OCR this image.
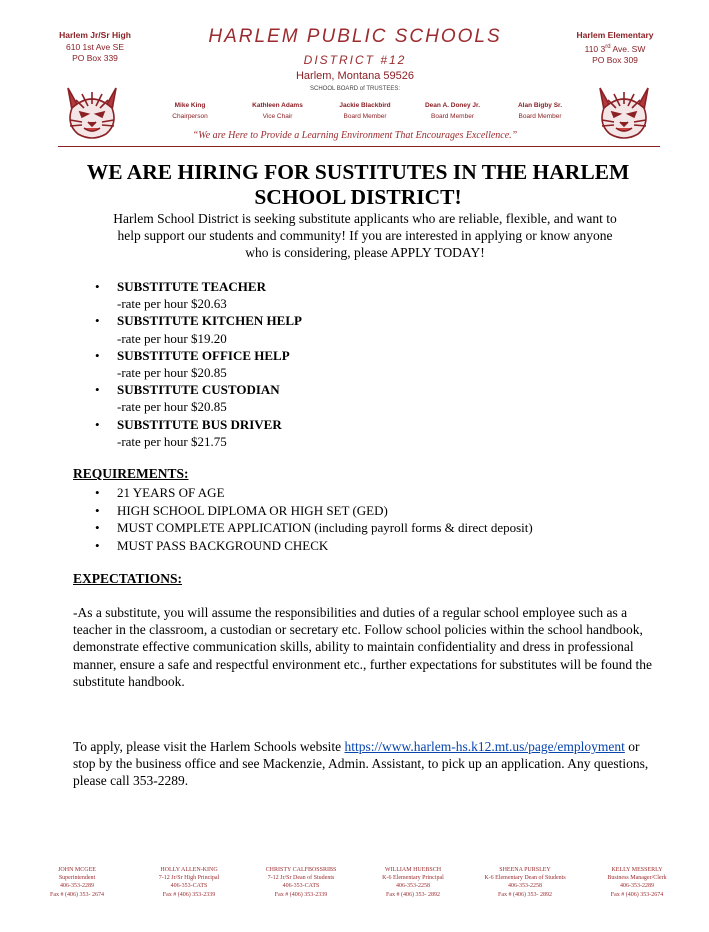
Harlem Jr/Sr High
610 1st Ave SE
PO Box 339
Harlem Elementary
110 3rd Ave. SW
PO Box 309
HARLEM PUBLIC SCHOOLS
DISTRICT #12
Harlem, Montana 59526
SCHOOL BOARD of TRUSTEES:
Mike King
Chairperson
Kathleen Adams
Vice Chair
Jackie Blackbird
Board Member
Dean A. Doney Jr.
Board Member
Alan Bigby Sr.
Board Member
“We are Here to Provide a Learning Environment That Encourages Excellence.”
WE ARE HIRING FOR SUSTITUTES IN THE HARLEM
SCHOOL DISTRICT!
Harlem School District is seeking substitute applicants who are reliable, flexible, and want to help support our students and community! If you are interested in applying or know anyone who is considering, please APPLY TODAY!
• SUBSTITUTE TEACHER
-rate per hour $20.63
• SUBSTITUTE KITCHEN HELP
-rate per hour $19.20
• SUBSTITUTE OFFICE HELP
-rate per hour $20.85
• SUBSTITUTE CUSTODIAN
-rate per hour $20.85
• SUBSTITUTE BUS DRIVER
-rate per hour $21.75
REQUIREMENTS:
• 21 YEARS OF AGE
• HIGH SCHOOL DIPLOMA OR HIGH SET (GED)
• MUST COMPLETE APPLICATION (including payroll forms & direct deposit)
• MUST PASS BACKGROUND CHECK
EXPECTATIONS:
-As a substitute, you will assume the responsibilities and duties of a regular school employee such as a teacher in the classroom, a custodian or secretary etc. Follow school policies within the school handbook, demonstrate effective communication skills, ability to maintain confidentiality and dress in professional manner, ensure a safe and respectful environment etc., further expectations for substitutes will be found the substitute handbook.
To apply, please visit the Harlem Schools website https://www.harlem-hs.k12.mt.us/page/employment or stop by the business office and see Mackenzie, Admin. Assistant, to pick up an application. Any questions, please call 353-2289.
JOHN MCGEE
Superintendent
406-353-2289
Fax # (406) 353- 2674
HOLLY ALLEN-KING
7-12 Jr/Sr High Principal
406-353-CATS
Fax # (406) 353-2339
CHRISTY CALFBOSSRIBS
7-12 Jr/Sr Dean of Students
406-353-CATS
Fax # (406) 353-2339
WILLIAM HUEBSCH
K-6 Elementary Principal
406-353-2258
Fax # (406) 353- 2892
SHEENA PURSLEY
K-6 Elementary Dean of Students
406-353-2258
Fax # (406) 353- 2892
KELLY MESSERLY
Business Manager/Clerk
406-353-2289
Fax # (406) 353-2674
